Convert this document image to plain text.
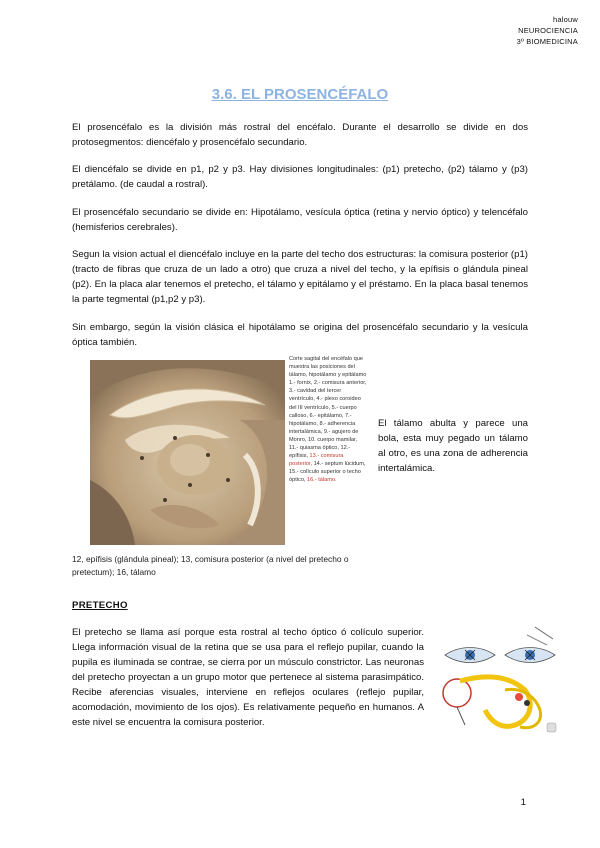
halouw
NEUROCIENCIA
3º BIOMEDICINA
3.6. EL PROSENCÉFALO

El prosencéfalo es la división más rostral del encéfalo. Durante el desarrollo se divide en dos protosegmentos: diencéfalo y prosencéfalo secundario.

El diencéfalo se divide en p1, p2 y p3. Hay divisiones longitudinales: (p1) pretecho, (p2) tálamo y (p3) pretálamo. (de caudal a rostral).

El prosencéfalo secundario se divide en: Hipotálamo, vesícula óptica (retina y nervio óptico) y telencéfalo (hemisferios cerebrales).

Segun la vision actual el diencéfalo incluye en la parte del techo dos estructuras: la comisura posterior (p1) (tracto de fibras que cruza de un lado a otro) que cruza a nivel del techo, y la epífisis o glándula pineal (p2). En la placa alar tenemos el pretecho, el tálamo y epitálamo y el préstamo. En la placa basal tenemos la parte tegmental (p1,p2 y p3).

Sin embargo, según la visión clásica el hipotálamo se origina del prosencéfalo secundario y la vesícula óptica también.

Corte sagital del encéfalo que muestra las posiciones del tálamo, hipotálamo y epitálamo 1.- fornix, 2.- comisura anterior, 3.- cavidad del tercer ventrículo, 4.- plexo coroideo del III ventrículo, 5.- cuerpo calloso, 6.- epitálamo, 7.- hipotálamo, 8.- adherencia intertalámica, 9.- agujero de Monro, 10. cuerpo mamilar, 11.- quiasma óptico, 12.- epífisis, 13.- comisura posterior, 14.- septum lúcidum, 15.- colículo superior o techo óptico, 16.- tálamo.
El tálamo abulta y parece una bola, esta muy pegado un tálamo al otro, es una zona de adherencia intertalámica.
12, epífisis (glándula pineal); 13, comisura posterior (a nivel del pretecho o pretectum); 16, tálamo
PRETECHO

El pretecho se llama así porque esta rostral al techo óptico ó colículo superior. Llega información visual de la retina que se usa para el reflejo pupilar, cuando la pupila es iluminada se contrae, se cierra por un músculo constrictor. Las neuronas del pretecho proyectan a un grupo motor que pertenece al sistema parasimpático. Recibe aferencias visuales, interviene en reflejos oculares (reflejo pupilar, acomodación, movimiento de los ojos). Es relativamente pequeño en humanos. A este nivel se encuentra la comisura posterior.

1
